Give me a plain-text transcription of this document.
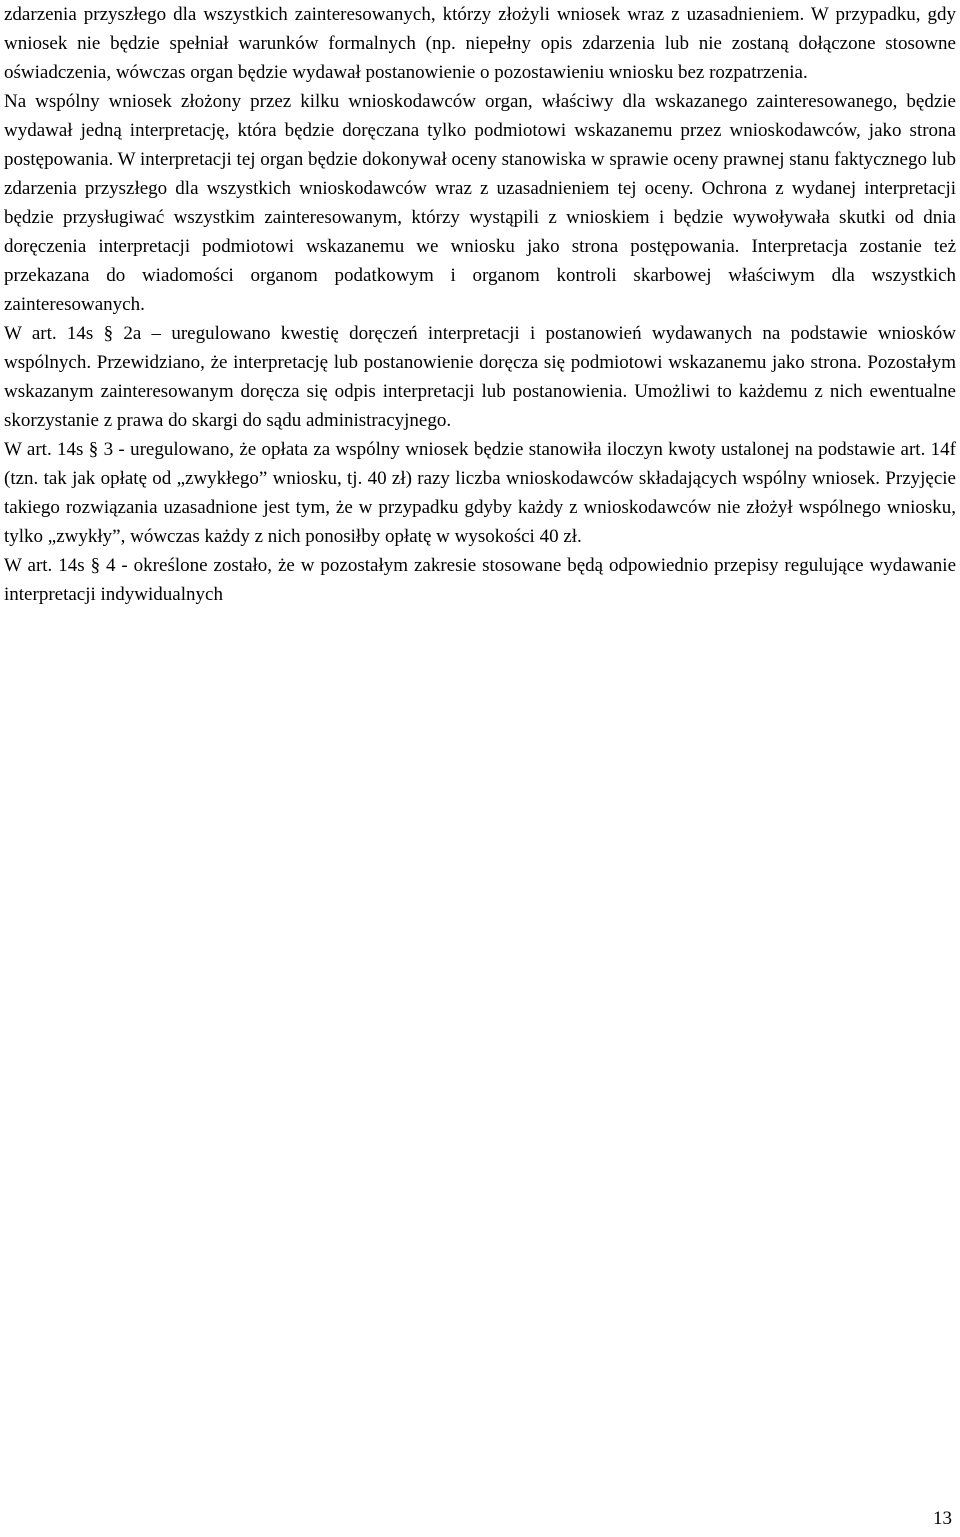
zdarzenia przyszłego dla wszystkich zainteresowanych, którzy złożyli wniosek wraz z uzasadnieniem. W przypadku, gdy wniosek nie będzie spełniał warunków formalnych (np. niepełny opis zdarzenia lub nie zostaną dołączone stosowne oświadczenia, wówczas organ będzie wydawał postanowienie o pozostawieniu wniosku bez rozpatrzenia.

Na wspólny wniosek złożony przez kilku wnioskodawców organ, właściwy dla wskazanego zainteresowanego, będzie wydawał jedną interpretację, która będzie doręczana tylko podmiotowi wskazanemu przez wnioskodawców, jako strona postępowania. W interpretacji tej organ będzie dokonywał oceny stanowiska w sprawie oceny prawnej stanu faktycznego lub zdarzenia przyszłego dla wszystkich wnioskodawców wraz z uzasadnieniem tej oceny. Ochrona z wydanej interpretacji będzie przysługiwać wszystkim zainteresowanym, którzy wystąpili z wnioskiem i będzie wywoływała skutki od dnia doręczenia interpretacji podmiotowi wskazanemu we wniosku jako strona postępowania. Interpretacja zostanie też przekazana do wiadomości organom podatkowym i organom kontroli skarbowej właściwym dla wszystkich zainteresowanych.

W art. 14s § 2a – uregulowano kwestię doręczeń interpretacji i postanowień wydawanych na podstawie wniosków wspólnych. Przewidziano, że interpretację lub postanowienie doręcza się podmiotowi wskazanemu jako strona. Pozostałym wskazanym zainteresowanym doręcza się odpis interpretacji lub postanowienia. Umożliwi to każdemu z nich ewentualne skorzystanie z prawa do skargi do sądu administracyjnego.

W art. 14s § 3 - uregulowano, że opłata za wspólny wniosek będzie stanowiła iloczyn kwoty ustalonej na podstawie art. 14f (tzn. tak jak opłatę od „zwykłego” wniosku, tj. 40 zł) razy liczba wnioskodawców składających wspólny wniosek. Przyjęcie takiego rozwiązania uzasadnione jest tym, że w przypadku gdyby każdy z wnioskodawców nie złożył wspólnego wniosku, tylko „zwykły”, wówczas każdy z nich ponosiłby opłatę w wysokości 40 zł.

W art. 14s § 4 - określone zostało, że w pozostałym zakresie stosowane będą odpowiednio przepisy regulujące wydawanie interpretacji indywidualnych

13
